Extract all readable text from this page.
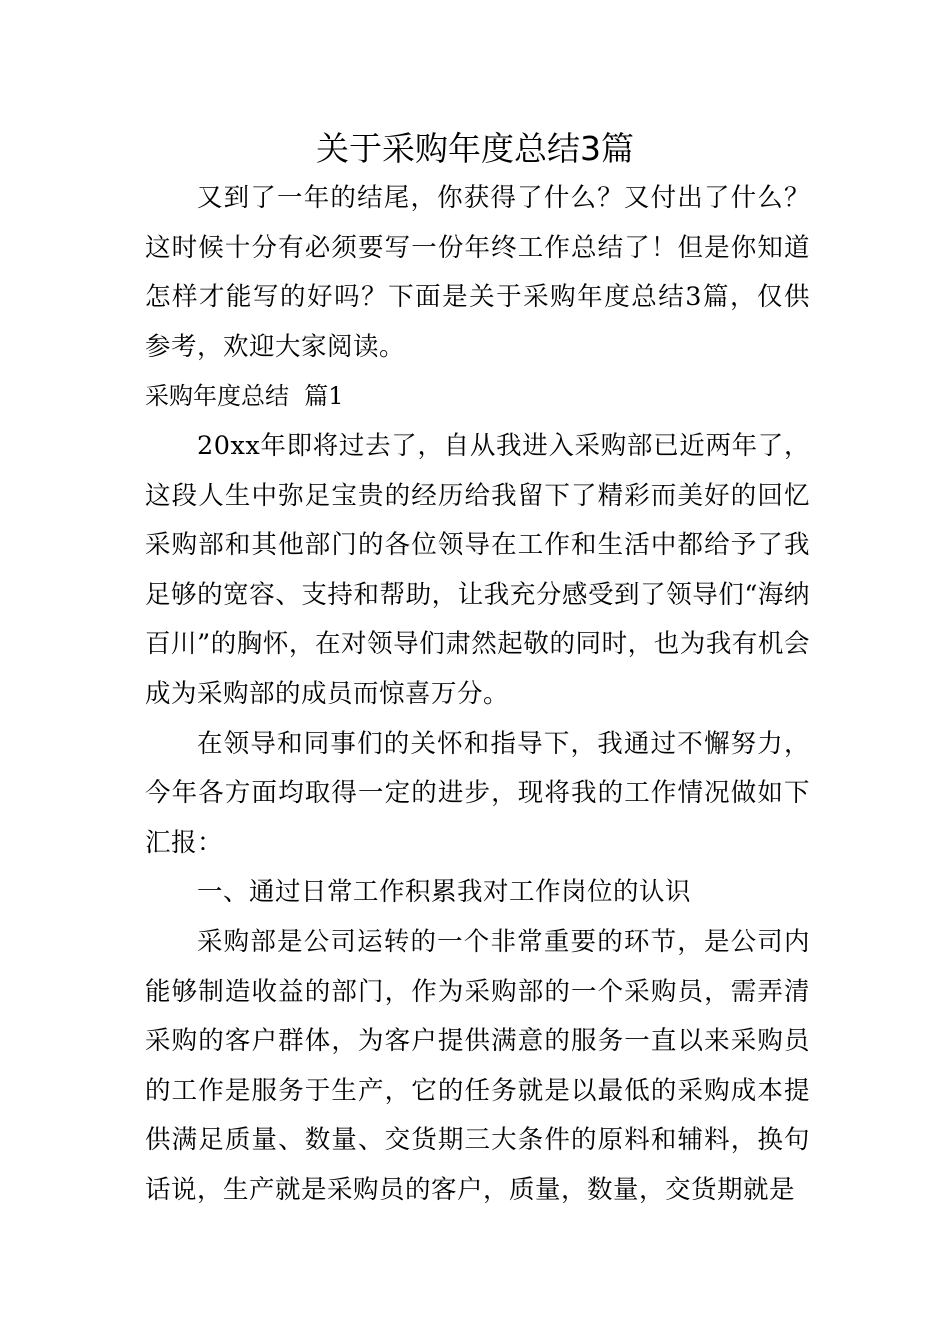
关于采购年度总结3篇

又到了一年的结尾，你获得了什么？又付出了什么？这时候十分有必须要写一份年终工作总结了！但是你知道怎样才能写的好吗？下面是关于采购年度总结3篇，仅供参考，欢迎大家阅读。

采购年度总结  篇1

20xx年即将过去了，自从我进入采购部已近两年了，这段人生中弥足宝贵的经历给我留下了精彩而美好的回忆采购部和其他部门的各位领导在工作和生活中都给予了我足够的宽容、支持和帮助，让我充分感受到了领导们“海纳百川”的胸怀，在对领导们肃然起敬的同时，也为我有机会成为采购部的成员而惊喜万分。

在领导和同事们的关怀和指导下，我通过不懈努力，今年各方面均取得一定的进步，现将我的工作情况做如下汇报：

一、通过日常工作积累我对工作岗位的认识

采购部是公司运转的一个非常重要的环节，是公司内能够制造收益的部门，作为采购部的一个采购员，需弄清采购的客户群体，为客户提供满意的服务一直以来采购员的工作是服务于生产，它的任务就是以最低的采购成本提供满足质量、数量、交货期三大条件的原料和辅料，换句话说，生产就是采购员的客户，质量，数量，交货期就是
